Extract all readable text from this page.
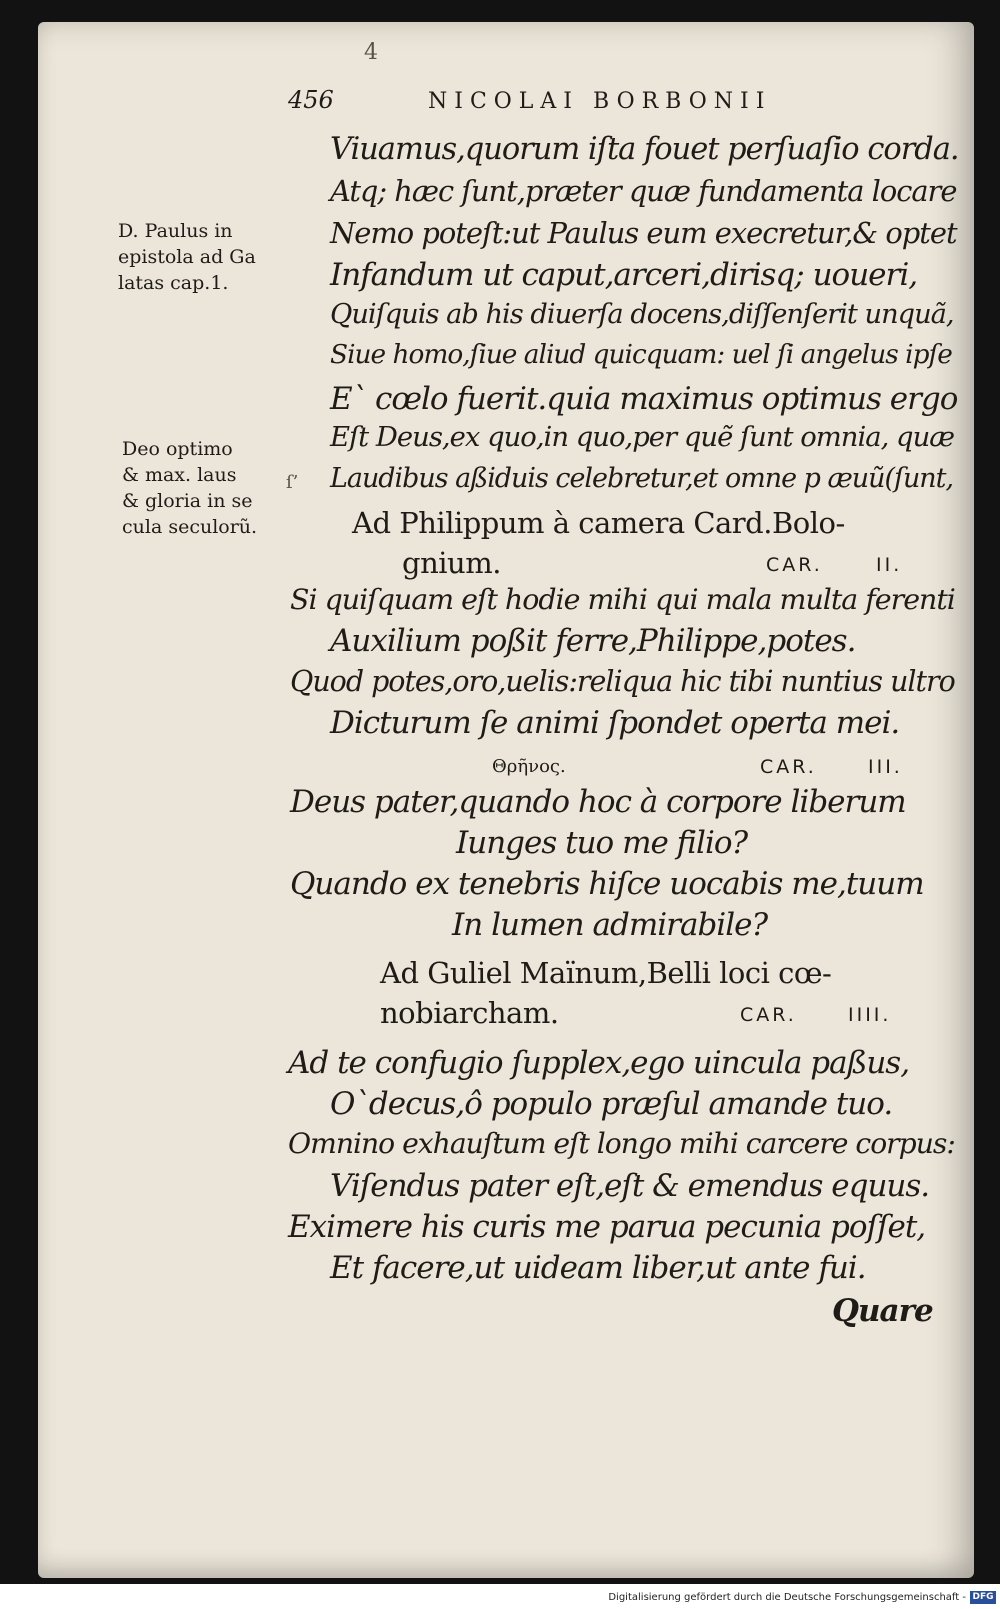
4
456	NICOLAI BORBONII
D. Paulus in
epistola ad Ga
latas cap.1.
Deo optimo
& max. laus
& gloria in se
cula seculorũ.
ſ’
Viuamus,quorum iſta fouet perſuaſio corda.
Atq; hæc ſunt,præter quæ fundamenta locare
Nemo poteſt:ut Paulus eum execretur,& optet
Infandum ut caput,arceri,dirisq; uoueri,
Quiſquis ab his diuerſa docens,diſſenſerit unquã,
Siue homo,ſiue aliud quicquam: uel ſi angelus ipſe
E` cœlo fuerit.quia maximus optimus ergo
Eſt Deus,ex quo,in quo,per quẽ ſunt omnia, quæ
Laudibus aßiduis celebretur,et omne p æuũ(ſunt,
Ad Philippum à camera Card.Bolo-
gnium.	CAR.	II.
Si quiſquam eſt hodie mihi qui mala multa ferenti
Auxilium poßit ferre,Philippe,potes.
Quod potes,oro,uelis:reliqua hic tibi nuntius ultro
Dicturum ſe animi ſpondet operta mei.
Θρῆνος.	CAR.	III.
Deus pater,quando hoc à corpore liberum
Iunges tuo me filio?
Quando ex tenebris hiſce uocabis me,tuum
In lumen admirabile?
Ad Guliel Maïnum,Belli loci cœ-
nobiarcham.	CAR.	IIII.
Ad te confugio ſupplex,ego uincula paßus,
O`decus,ô populo præſul amande tuo.
Omnino exhauſtum eſt longo mihi carcere corpus:
Viſendus pater eſt,eſt & emendus equus.
Eximere his curis me parua pecunia poſſet,
Et facere,ut uideam liber,ut ante fui.
Quare
Digitalisierung gefördert durch die Deutsche Forschungsgemeinschaft - DFG
